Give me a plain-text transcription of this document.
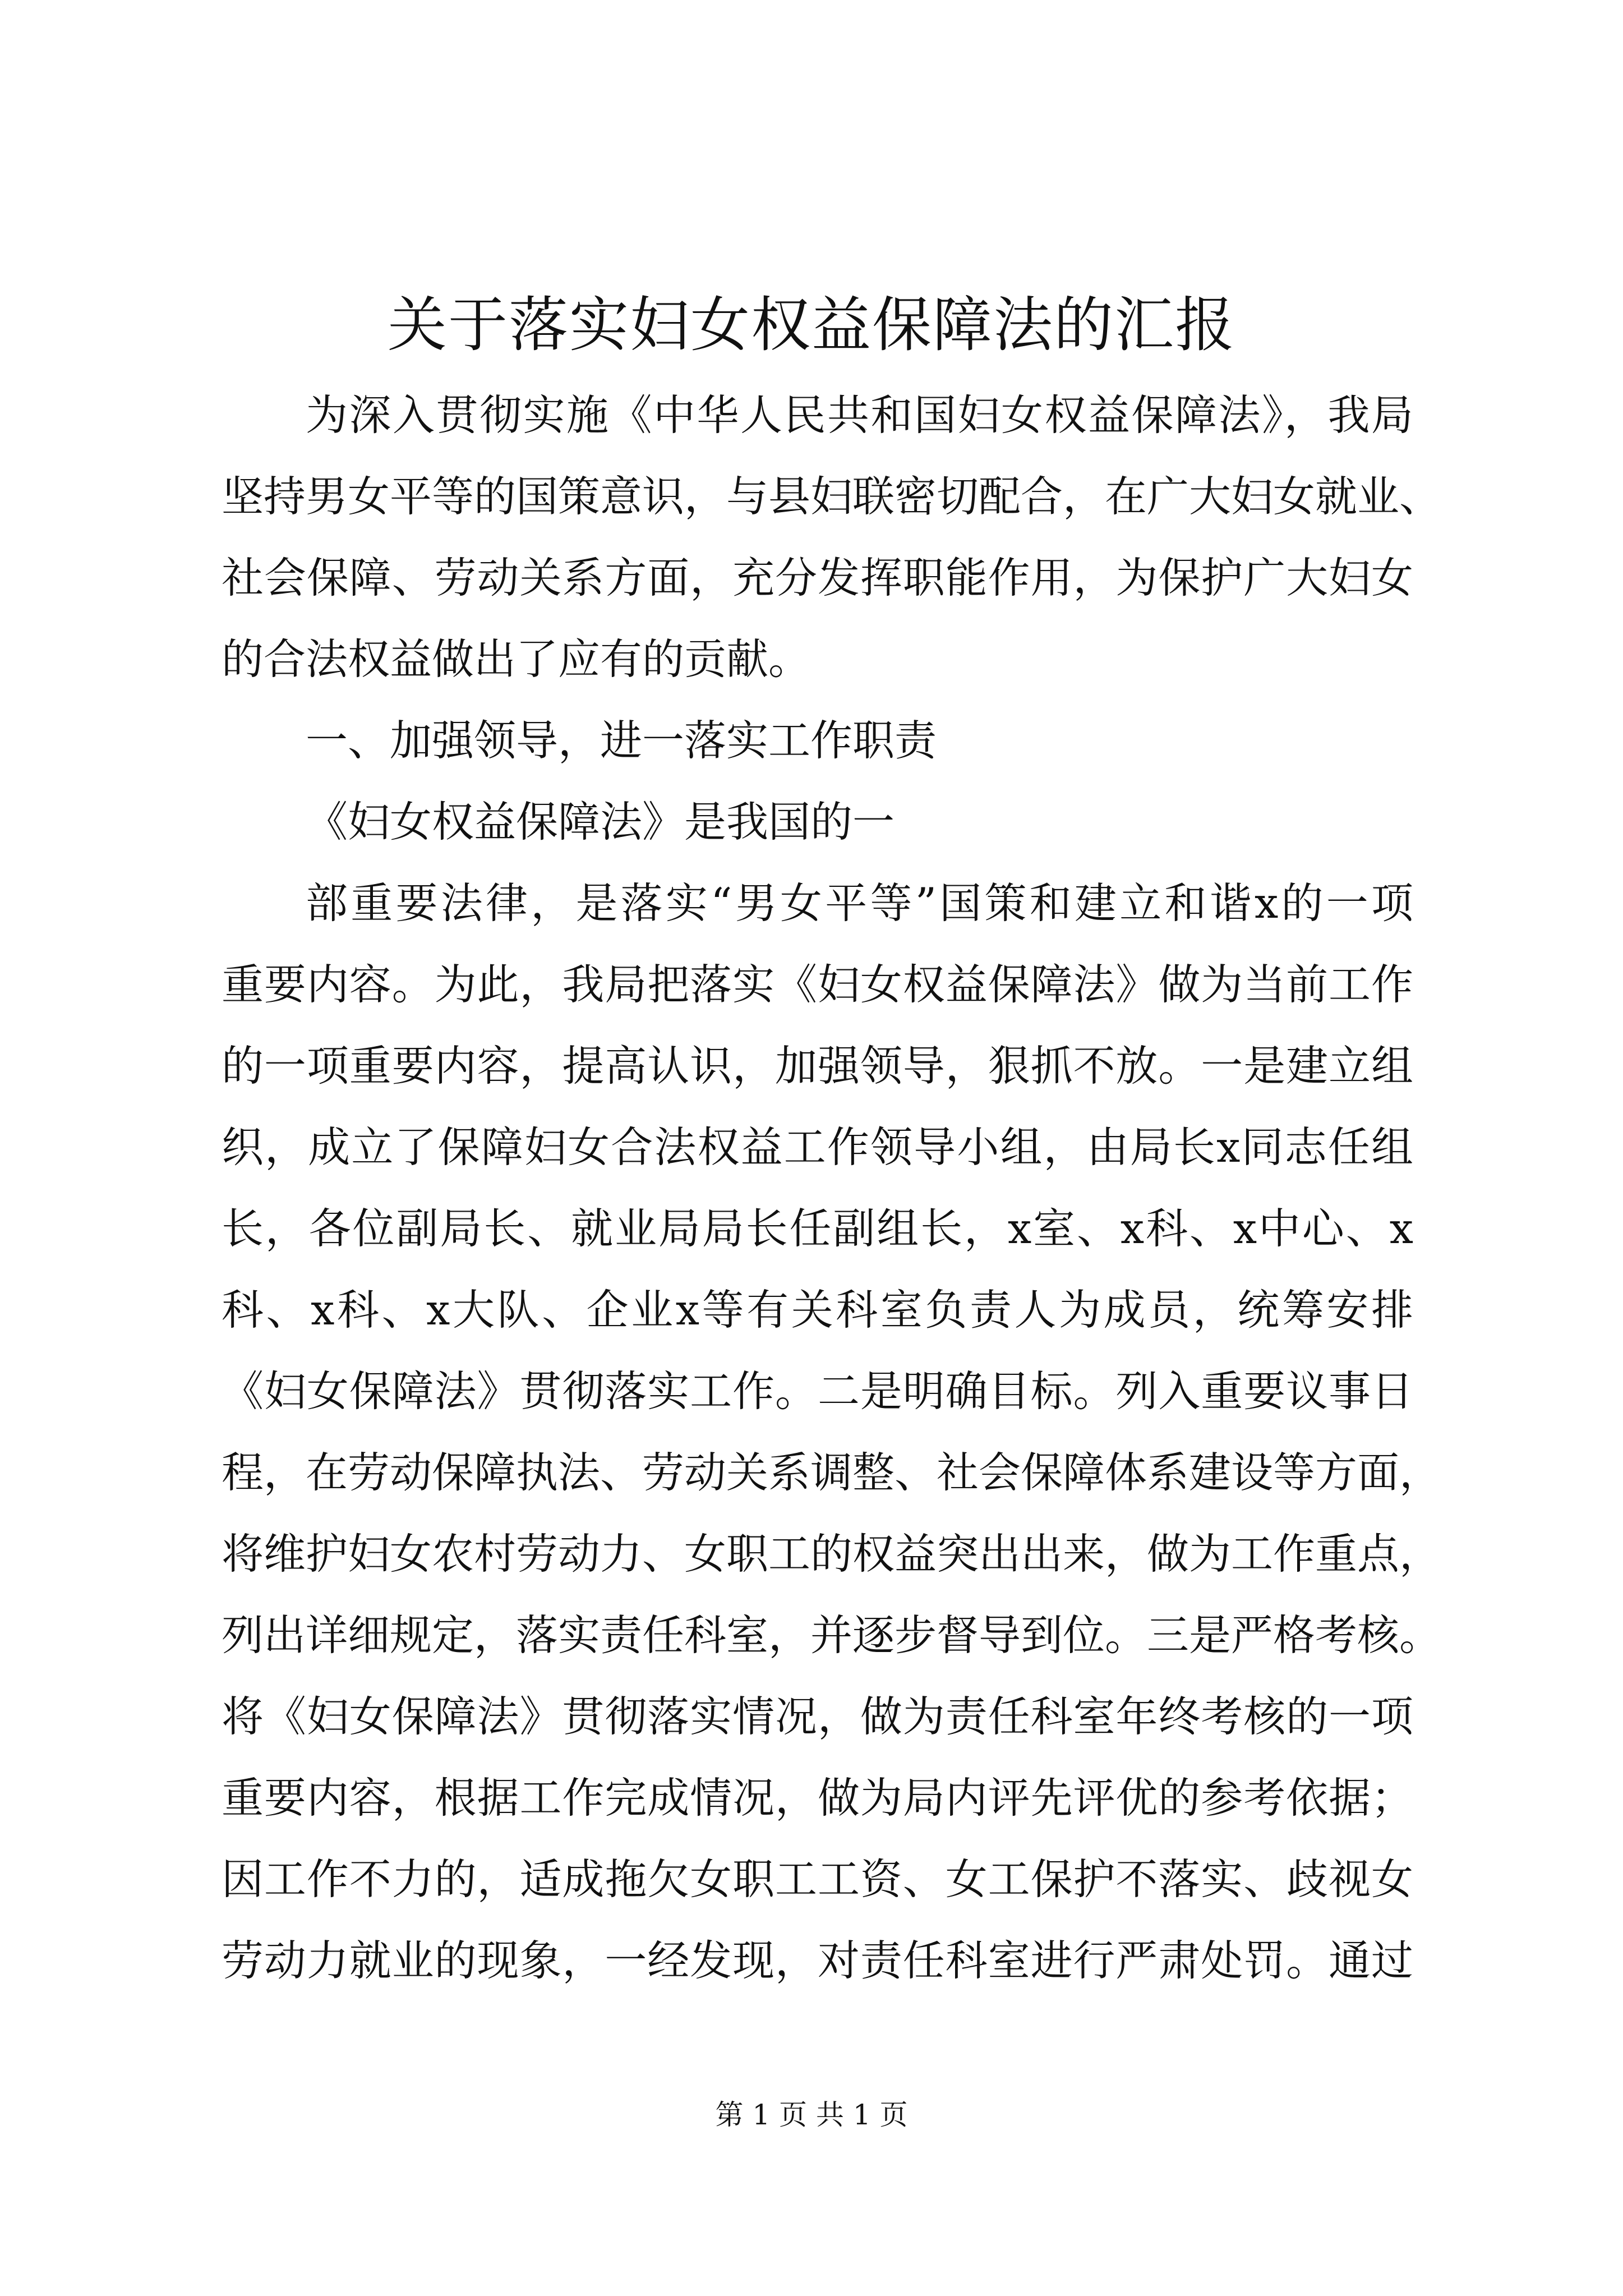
关于落实妇女权益保障法的汇报
为深入贯彻实施《中华人民共和国妇女权益保障法》，我局
坚持男女平等的国策意识，与县妇联密切配合，在广大妇女就业、
社会保障、劳动关系方面，充分发挥职能作用，为保护广大妇女
的合法权益做出了应有的贡献。
一、加强领导，进一落实工作职责
《妇女权益保障法》是我国的一
部重要法律，是落实“男女平等”国策和建立和谐x的一项
重要内容。为此，我局把落实《妇女权益保障法》做为当前工作
的一项重要内容，提高认识，加强领导，狠抓不放。一是建立组
织，成立了保障妇女合法权益工作领导小组，由局长x同志任组
长，各位副局长、就业局局长任副组长，x室、x科、x中心、x
科、x科、x大队、企业x等有关科室负责人为成员，统筹安排
《妇女保障法》贯彻落实工作。二是明确目标。列入重要议事日
程，在劳动保障执法、劳动关系调整、社会保障体系建设等方面，
将维护妇女农村劳动力、女职工的权益突出出来，做为工作重点，
列出详细规定，落实责任科室，并逐步督导到位。三是严格考核。
将《妇女保障法》贯彻落实情况，做为责任科室年终考核的一项
重要内容，根据工作完成情况，做为局内评先评优的参考依据；
因工作不力的，适成拖欠女职工工资、女工保护不落实、歧视女
劳动力就业的现象，一经发现，对责任科室进行严肃处罚。通过
第 1 页 共 1 页
